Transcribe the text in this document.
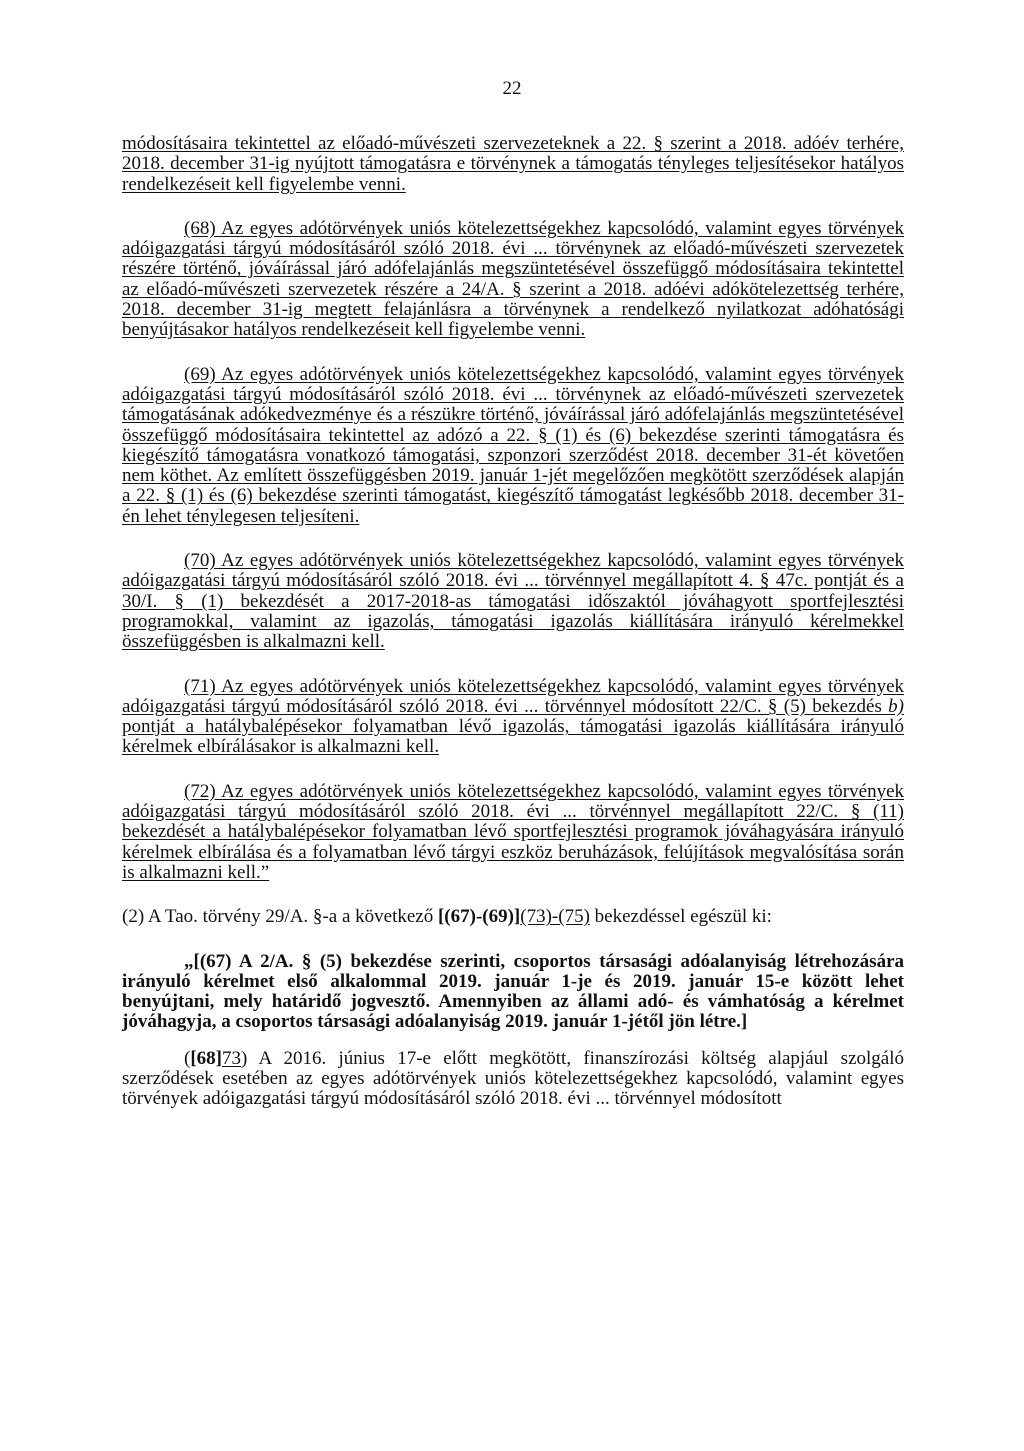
22

módosításaira tekintettel az előadó-művészeti szervezeteknek a 22. § szerint a 2018. adóév terhére, 2018. december 31-ig nyújtott támogatásra e törvénynek a támogatás tényleges teljesítésekor hatályos rendelkezéseit kell figyelembe venni.

(68) Az egyes adótörvények uniós kötelezettségekhez kapcsolódó, valamint egyes törvények adóigazgatási tárgyú módosításáról szóló 2018. évi ... törvénynek az előadó-művészeti szervezetek részére történő, jóváírással járó adófelajánlás megszüntetésével összefüggő módosításaira tekintettel az előadó-művészeti szervezetek részére a 24/A. § szerint a 2018. adóévi adókötelezettség terhére, 2018. december 31-ig megtett felajánlásra a törvénynek a rendelkező nyilatkozat adóhatósági benyújtásakor hatályos rendelkezéseit kell figyelembe venni.

(69) Az egyes adótörvények uniós kötelezettségekhez kapcsolódó, valamint egyes törvények adóigazgatási tárgyú módosításáról szóló 2018. évi ... törvénynek az előadó-művészeti szervezetek támogatásának adókedvezménye és a részükre történő, jóváírással járó adófelajánlás megszüntetésével összefüggő módosításaira tekintettel az adózó a 22. § (1) és (6) bekezdése szerinti támogatásra és kiegészítő támogatásra vonatkozó támogatási, szponzori szerződést 2018. december 31-ét követően nem köthet. Az említett összefüggésben 2019. január 1-jét megelőzően megkötött szerződések alapján a 22. § (1) és (6) bekezdése szerinti támogatást, kiegészítő támogatást legkésőbb 2018. december 31-én lehet ténylegesen teljesíteni.

(70) Az egyes adótörvények uniós kötelezettségekhez kapcsolódó, valamint egyes törvények adóigazgatási tárgyú módosításáról szóló 2018. évi ... törvénnyel megállapított 4. § 47c. pontját és a 30/I. § (1) bekezdését a 2017-2018-as támogatási időszaktól jóváhagyott sportfejlesztési programokkal, valamint az igazolás, támogatási igazolás kiállítására irányuló kérelmekkel összefüggésben is alkalmazni kell.

(71) Az egyes adótörvények uniós kötelezettségekhez kapcsolódó, valamint egyes törvények adóigazgatási tárgyú módosításáról szóló 2018. évi ... törvénnyel módosított 22/C. § (5) bekezdés b) pontját a hatálybalépésekor folyamatban lévő igazolás, támogatási igazolás kiállítására irányuló kérelmek elbírálásakor is alkalmazni kell.

(72) Az egyes adótörvények uniós kötelezettségekhez kapcsolódó, valamint egyes törvények adóigazgatási tárgyú módosításáról szóló 2018. évi ... törvénnyel megállapított 22/C. § (11) bekezdését a hatálybalépésekor folyamatban lévő sportfejlesztési programok jóváhagyására irányuló kérelmek elbírálása és a folyamatban lévő tárgyi eszköz beruházások, felújítások megvalósítása során is alkalmazni kell.”

(2) A Tao. törvény 29/A. §-a a következő [(67)-(69)](73)-(75) bekezdéssel egészül ki:

„[(67) A 2/A. § (5) bekezdése szerinti, csoportos társasági adóalanyiság létrehozására irányuló kérelmet első alkalommal 2019. január 1-je és 2019. január 15-e között lehet benyújtani, mely határidő jogvesztő. Amennyiben az állami adó- és vámhatóság a kérelmet jóváhagyja, a csoportos társasági adóalanyiság 2019. január 1-jétől jön létre.]

([68]73) A 2016. június 17-e előtt megkötött, finanszírozási költség alapjául szolgáló szerződések esetében az egyes adótörvények uniós kötelezettségekhez kapcsolódó, valamint egyes törvények adóigazgatási tárgyú módosításáról szóló 2018. évi ... törvénnyel módosított
